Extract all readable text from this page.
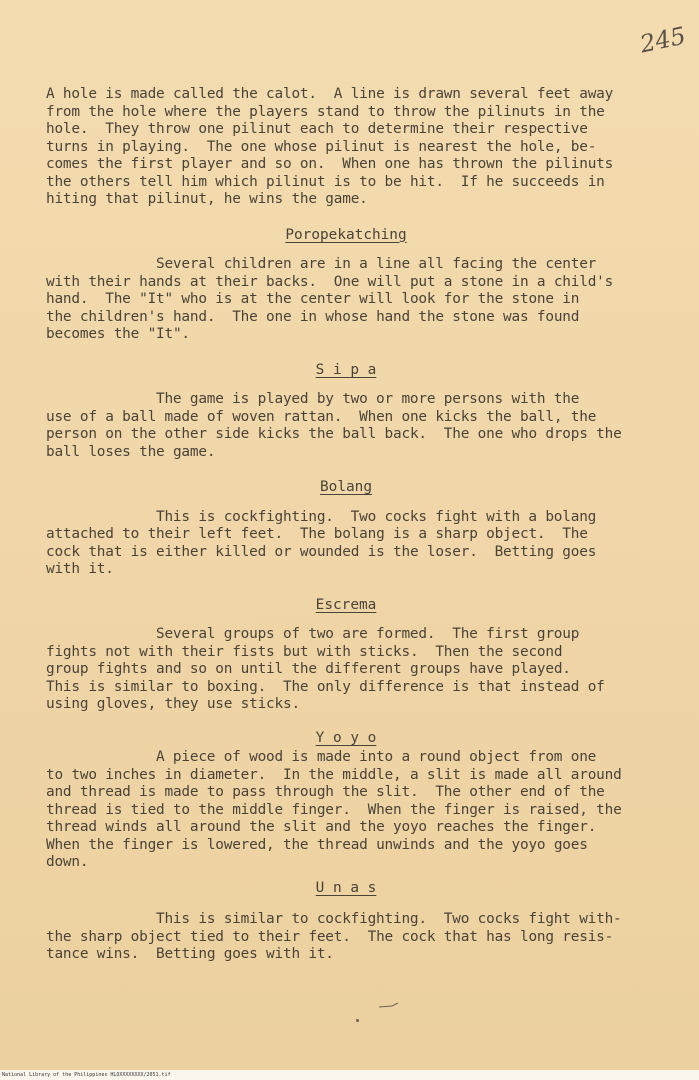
245

A hole is made called the calot.  A line is drawn several feet away
from the hole where the players stand to throw the pilinuts in the
hole.  They throw one pilinut each to determine their respective
turns in playing.  The one whose pilinut is nearest the hole, be-
comes the first player and so on.  When one has thrown the pilinuts
the others tell him which pilinut is to be hit.  If he succeeds in
hiting that pilinut, he wins the game.

Poropekatching

Several children are in a line all facing the center
with their hands at their backs.  One will put a stone in a child's
hand.  The "It" who is at the center will look for the stone in
the children's hand.  The one in whose hand the stone was found
becomes the "It".

S i p a

The game is played by two or more persons with the
use of a ball made of woven rattan.  When one kicks the ball, the
person on the other side kicks the ball back.  The one who drops the
ball loses the game.

Bolang

This is cockfighting.  Two cocks fight with a bolang
attached to their left feet.  The bolang is a sharp object.  The
cock that is either killed or wounded is the loser.  Betting goes
with it.

Escrema

Several groups of two are formed.  The first group
fights not with their fists but with sticks.  Then the second
group fights and so on until the different groups have played.
This is similar to boxing.  The only difference is that instead of
using gloves, they use sticks.

Y o y o

A piece of wood is made into a round object from one
to two inches in diameter.  In the middle, a slit is made all around
and thread is made to pass through the slit.  The other end of the
thread is tied to the middle finger.  When the finger is raised, the
thread winds all around the slit and the yoyo reaches the finger.
When the finger is lowered, the thread unwinds and the yoyo goes
down.

U n a s

This is similar to cockfighting.  Two cocks fight with-
the sharp object tied to their feet.  The cock that has long resis-
tance wins.  Betting goes with it.

National Library of the Philippines HLOXXXXXXXX/2051.tif
